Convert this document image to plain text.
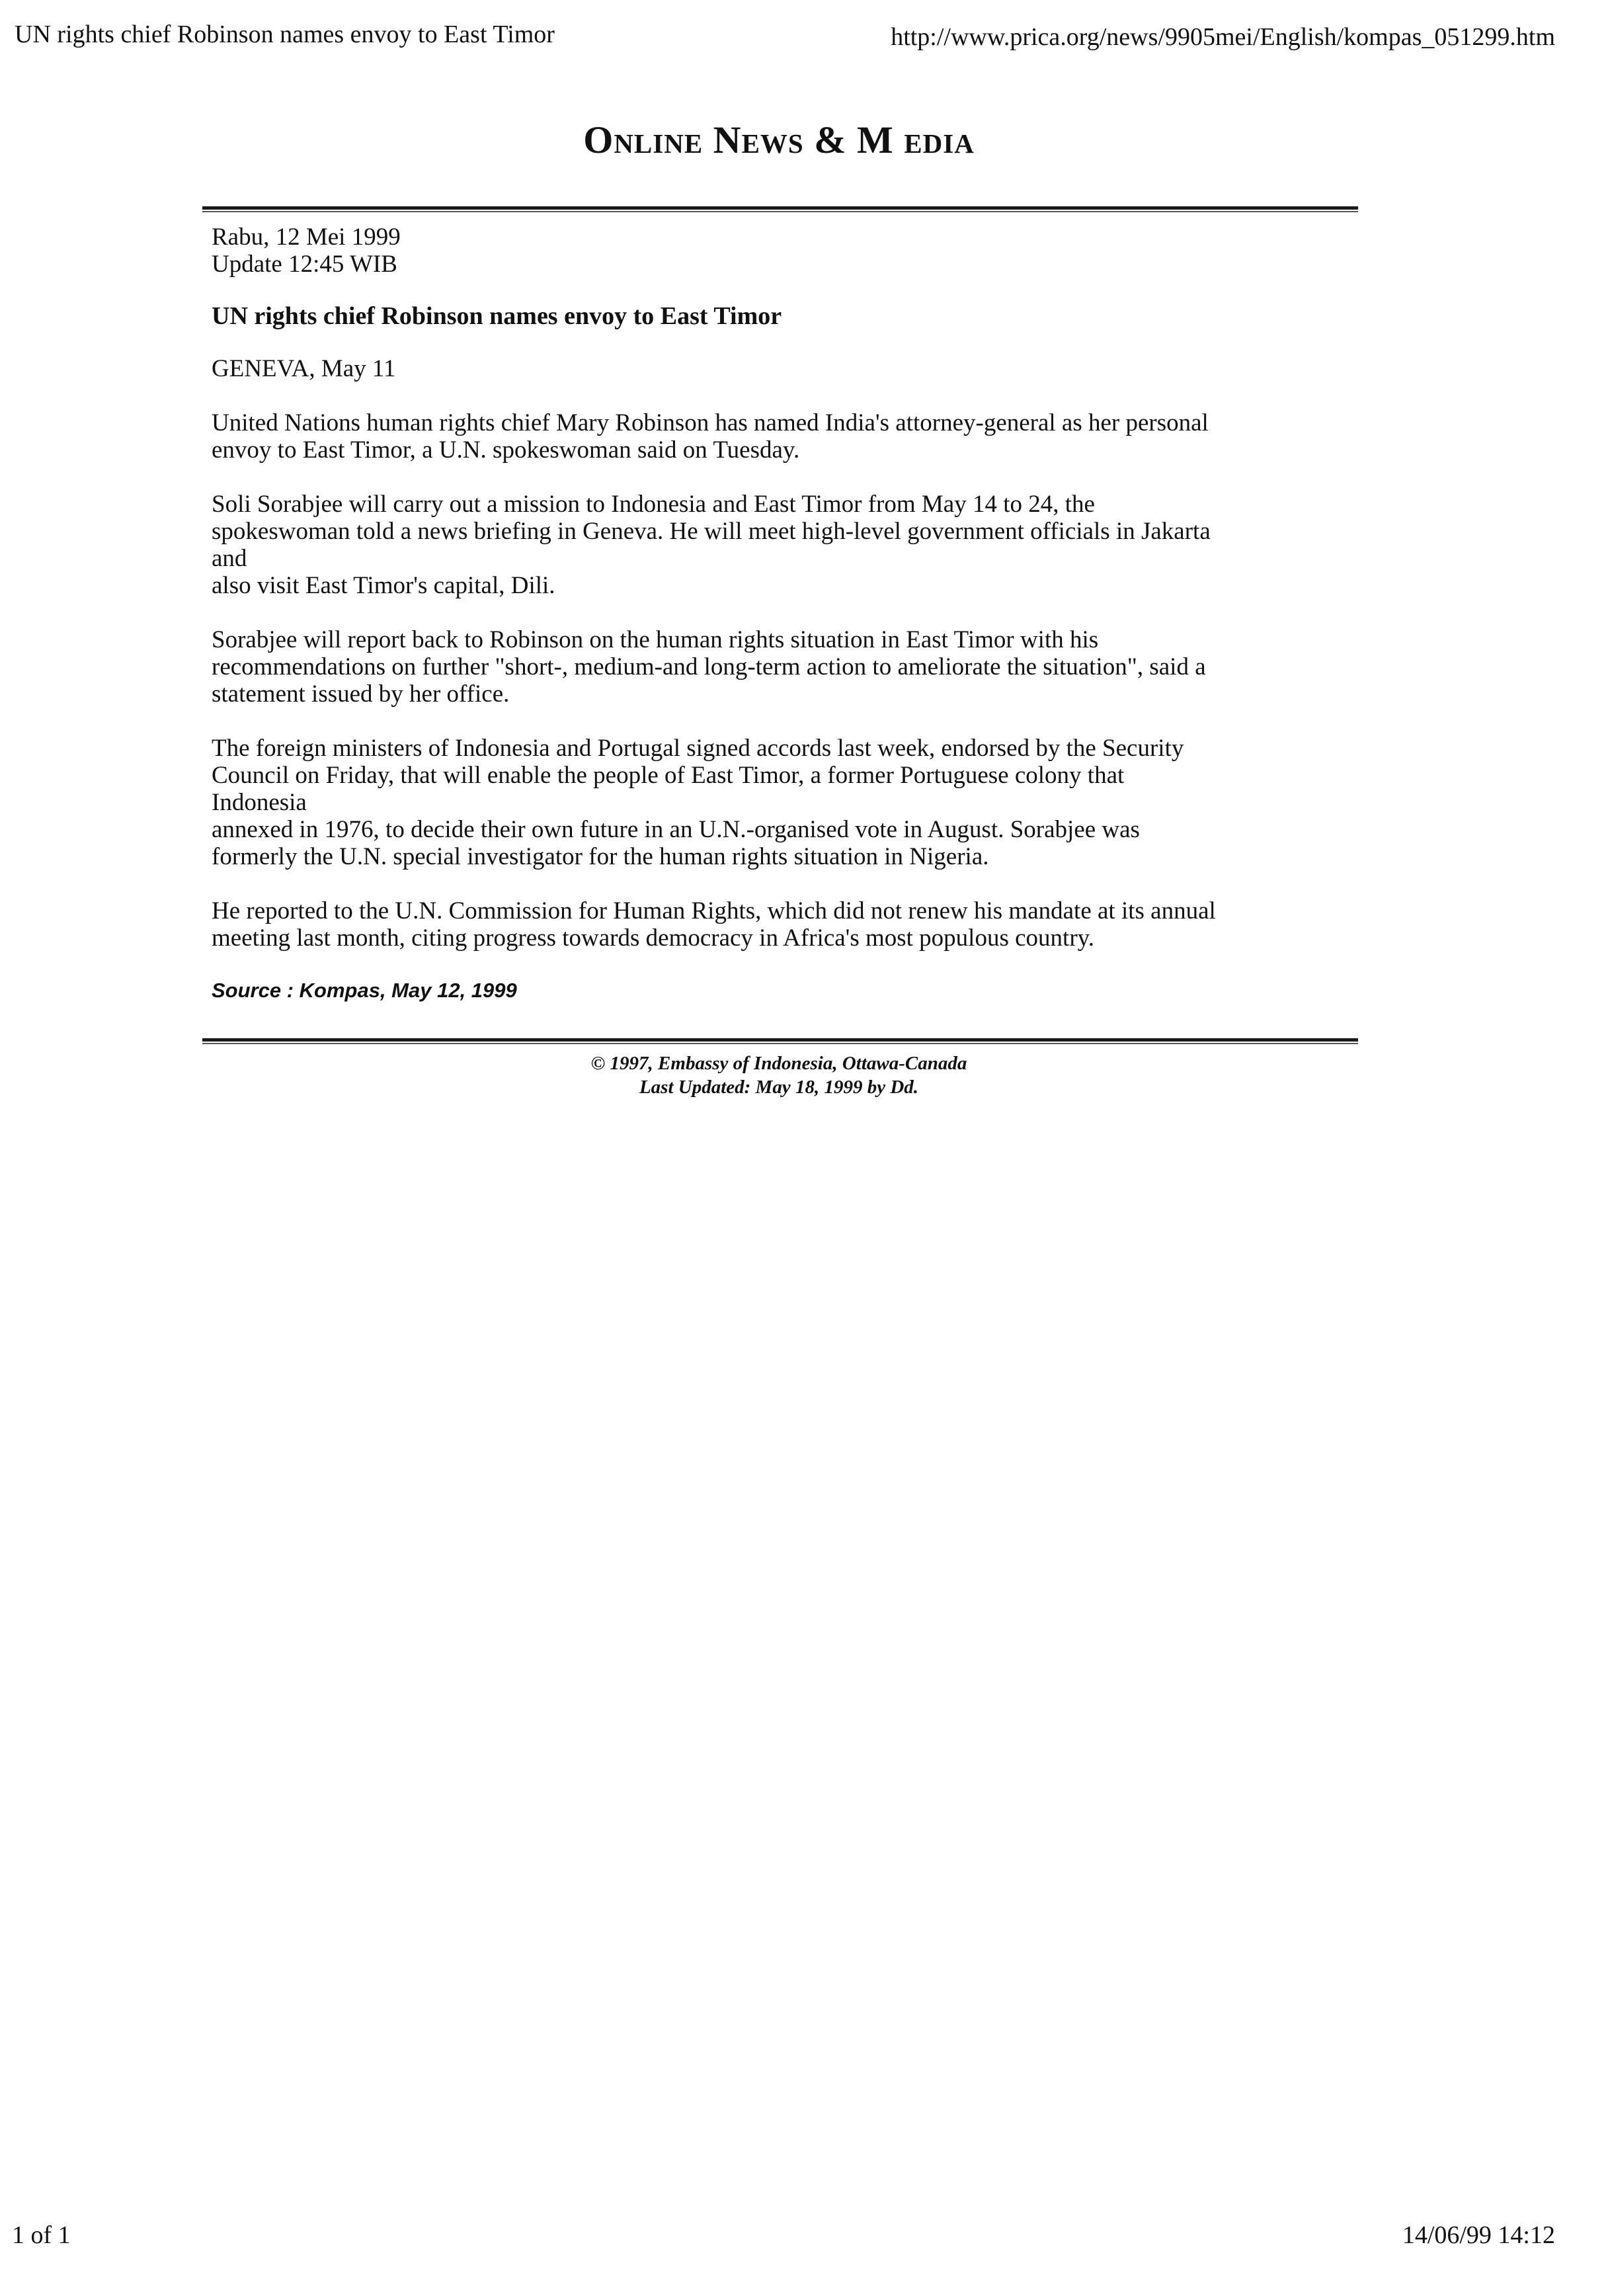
UN rights chief Robinson names envoy to East Timor	http://www.prica.org/news/9905mei/English/kompas_051299.htm
Online News & M edia
Rabu, 12 Mei 1999
Update 12:45 WIB
UN rights chief Robinson names envoy to East Timor
GENEVA, May 11
United Nations human rights chief Mary Robinson has named India's attorney-general as her personal
envoy to East Timor, a U.N. spokeswoman said on Tuesday.
Soli Sorabjee will carry out a mission to Indonesia and East Timor from May 14 to 24, the
spokeswoman told a news briefing in Geneva. He will meet high-level government officials in Jakarta
and
also visit East Timor's capital, Dili.
Sorabjee will report back to Robinson on the human rights situation in East Timor with his
recommendations on further "short-, medium-and long-term action to ameliorate the situation", said a
statement issued by her office.
The foreign ministers of Indonesia and Portugal signed accords last week, endorsed by the Security
Council on Friday, that will enable the people of East Timor, a former Portuguese colony that
Indonesia
annexed in 1976, to decide their own future in an U.N.-organised vote in August. Sorabjee was
formerly the U.N. special investigator for the human rights situation in Nigeria.
He reported to the U.N. Commission for Human Rights, which did not renew his mandate at its annual
meeting last month, citing progress towards democracy in Africa's most populous country.
Source : Kompas, May 12, 1999
© 1997, Embassy of Indonesia, Ottawa-Canada
Last Updated: May 18, 1999 by Dd.
1 of 1	14/06/99 14:12
